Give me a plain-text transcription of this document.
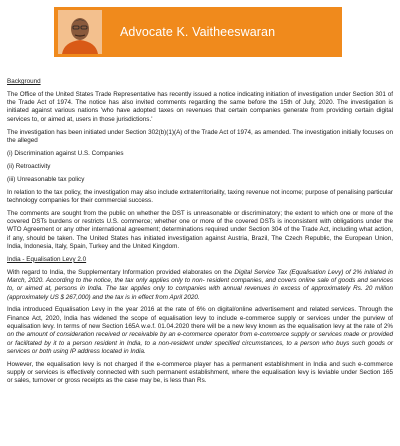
Advocate K. Vaitheeswaran

Background

The Office of the United States Trade Representative has recently issued a notice indicating initiation of investigation under Section 301 of the Trade Act of 1974. The notice has also invited comments regarding the same before the 15th of July, 2020. The investigation is initiated against various nations 'who have adopted taxes on revenues that certain companies generate from providing certain digital services to, or aimed at, users in those jurisdictions.'

The investigation has been initiated under Section 302(b)(1)(A) of the Trade Act of 1974, as amended. The investigation initially focuses on the alleged

(i) Discrimination against U.S. Companies

(ii) Retroactivity

(iii) Unreasonable tax policy

In relation to the tax policy, the investigation may also include extraterritoriality, taxing revenue not income; purpose of penalising particular technology companies for their commercial success.

The comments are sought from the public on whether the DST is unreasonable or discriminatory; the extent to which one or more of the covered DSTs burdens or restricts U.S. commerce; whether one or more of the covered DSTs is inconsistent with obligations under the WTO Agreement or any other international agreement; determinations required under Section 304 of the Trade Act, including what action, if any, should be taken. The United States has initiated investigation against Austria, Brazil, The Czech Republic, the European Union, India, Indonesia, Italy, Spain, Turkey and the United Kingdom.

India - Equalisation Levy 2.0

With regard to India, the Supplementary Information provided elaborates on the Digital Service Tax (Equalisation Levy) of 2% initiated in March, 2020. According to the notice, the tax only applies only to non- resident companies, and covers online sale of goods and services to, or aimed at, persons in India. The tax applies only to companies with annual revenues in excess of approximately Rs. 20 million (approximately US $ 267,000) and the tax is in effect from April 2020.

India introduced Equalisation Levy in the year 2016 at the rate of 6% on digital/online advertisement and related services. Through the Finance Act, 2020, India has widened the scope of equalisation levy to include e-commerce supply or services under the purview of equalisation levy. In terms of new Section 165A w.e.f. 01.04.2020 there will be a new levy known as the equalisation levy at the rate of 2% on the amount of consideration received or receivable by an e-commerce operator from e-commerce supply or services made or provided or facilitated by it to a person resident in India, to a non-resident under specified circumstances, to a person who buys such goods or services or both using IP address located in India.

However, the equalisation levy is not charged if the e-commerce player has a permanent establishment in India and such e-commerce supply or services is effectively connected with such permanent establishment, where the equalisation levy is leviable under Section 165 or sales, turnover or gross receipts as the case may be, is less than Rs.
